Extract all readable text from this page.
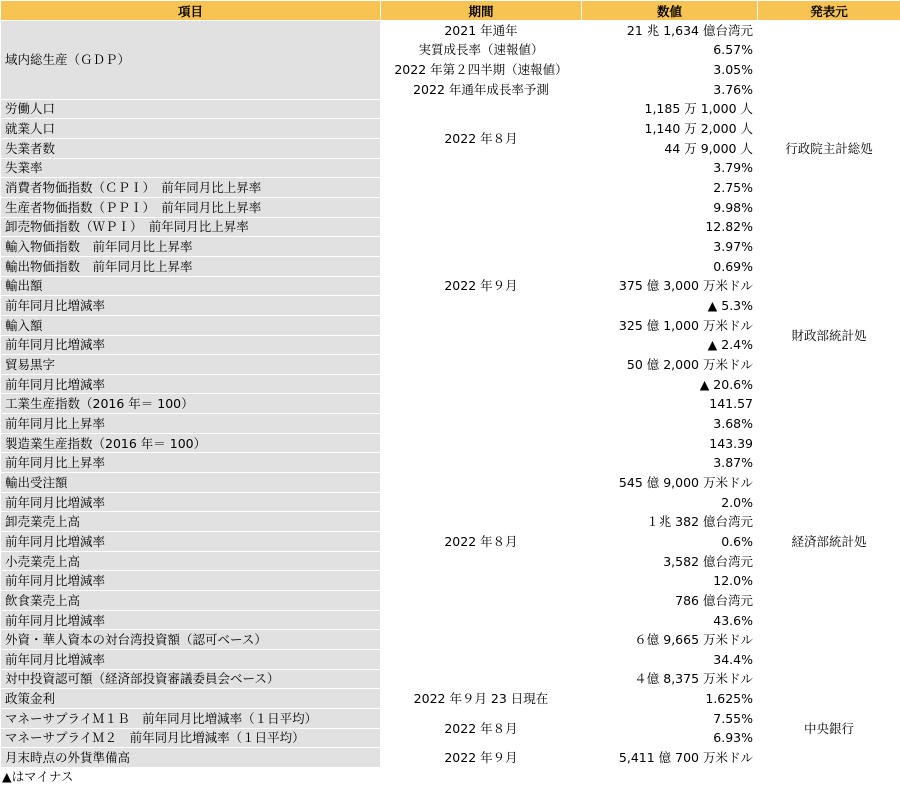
項目	期間	数値	発表元
域内総生産（ＧＤＰ）	2021 年通年	21 兆 1,634 億台湾元	行政院主計総処
	実質成長率（速報値）	6.57%	
	2022 年第２四半期（速報値）	3.05%	
	2022 年通年成長率予測	3.76%	
労働人口	2022 年８月	1,185 万 1,000 人	
就業人口		1,140 万 2,000 人	
失業者数		44 万 9,000 人	
失業率		3.79%	
消費者物価指数（ＣＰＩ）　前年同月比上昇率	2022 年９月	2.75%	
生産者物価指数（ＰＰＩ）　前年同月比上昇率		9.98%	
卸売物価指数（ＷＰＩ）　前年同月比上昇率		12.82%	
輸入物価指数　前年同月比上昇率		3.97%	
輸出物価指数　前年同月比上昇率		0.69%	
輸出額		375 億 3,000 万米ドル	財政部統計処
前年同月比増減率		▲ 5.3%	
輸入額		325 億 1,000 万米ドル	
前年同月比増減率		▲ 2.4%	
貿易黒字		50 億 2,000 万米ドル	
前年同月比増減率		▲ 20.6%	
工業生産指数（2016 年＝ 100）	2022 年８月	141.57	経済部統計処
前年同月比上昇率		3.68%	
製造業生産指数（2016 年＝ 100）		143.39	
前年同月比上昇率		3.87%	
輸出受注額		545 億 9,000 万米ドル	
前年同月比増減率		2.0%	
卸売業売上高		１兆 382 億台湾元	
前年同月比増減率		0.6%	
小売業売上高		3,582 億台湾元	
前年同月比増減率		12.0%	
飲食業売上高		786 億台湾元	
前年同月比増減率		43.6%	
外資・華人資本の対台湾投資額（認可ベース）		６億 9,665 万米ドル	
前年同月比増減率		34.4%	
対中投資認可額（経済部投資審議委員会ベース）		４億 8,375 万米ドル	
政策金利	2022 年９月 23 日現在	1.625%	中央銀行
マネーサプライＭ１Ｂ　前年同月比増減率（１日平均）	2022 年８月	7.55%	
マネーサプライＭ２　前年同月比増減率（１日平均）		6.93%	
月末時点の外貨準備高	2022 年９月	5,411 億 700 万米ドル	
▲はマイナス
